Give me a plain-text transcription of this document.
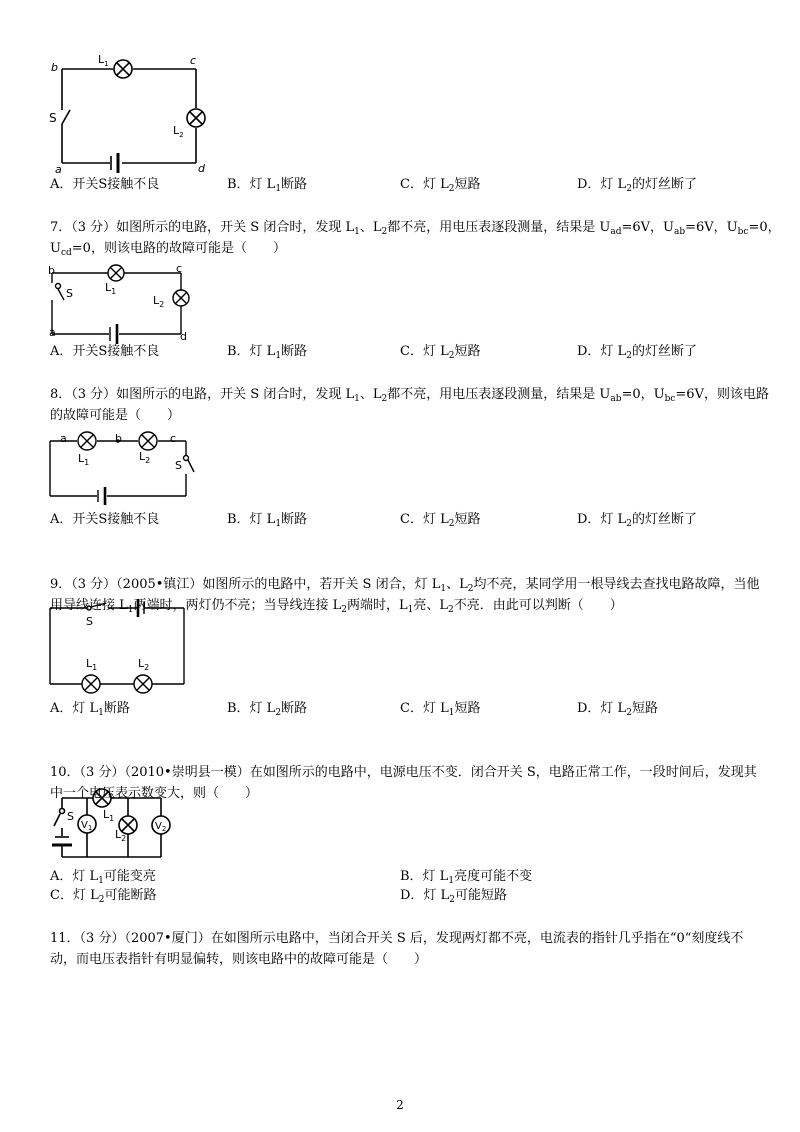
b
c
a	d
S
$L_1$
$L_2$
A．开关S接触不良	B．灯 $L_1$断路	C．灯 $L_2$短路	D．灯 $L_2$的灯丝断了
7．（3 分）如图所示的电路，开关 S 闭合时，发现 $L_1$、$L_2$都不亮，用电压表逐段测量，结果是 $U_{ad}=6V$，$U_{ab}=6V$，$U_{bc}=0$，
$U_{cd}=0$，则该电路的故障可能是（　　）
b	c
a	d
S	$L_1$
$L_2$
A．开关S接触不良	B．灯 $L_1$断路	C．灯 $L_2$短路	D．灯 $L_2$的灯丝断了
8．（3 分）如图所示的电路，开关 S 闭合时，发现 $L_1$、$L_2$都不亮，用电压表逐段测量，结果是 $U_{ab}=0$，$U_{bc}=6V$，则该电路
的故障可能是（　　）
a	b	c
S
$L_1$	$L_2$
A．开关S接触不良	B．灯 $L_1$断路	C．灯 $L_2$短路	D．灯 $L_2$的灯丝断了
9．（3 分）（2005•镇江）如图所示的电路中，若开关 S 闭合，灯 $L_1$、$L_2$均不亮，某同学用一根导线去查找电路故障，当他
用导线连接 $L_1$两端时，两灯仍不亮；当导线连接 $L_2$两端时，$L_1$亮、$L_2$不亮．由此可以判断（　　）
S
$L_1$	$L_2$
A．灯 $L_1$断路	B．灯 $L_2$断路	C．灯 $L_1$短路	D．灯 $L_2$短路
10．（3 分）（2010•崇明县一模）在如图所示的电路中，电源电压不变．闭合开关 S，电路正常工作，一段时间后，发现其
中一个电压表示数变大，则（　　）
S	$L_1$
$L_2$
$V_1$	$V_2$
A．灯 $L_1$可能变亮	B．灯 $L_1$亮度可能不变
C．灯 $L_2$可能断路	D．灯 $L_2$可能短路
11．（3 分）（2007•厦门）在如图所示电路中，当闭合开关 S 后，发现两灯都不亮，电流表的指针几乎指在“0“刻度线不
动，而电压表指针有明显偏转，则该电路中的故障可能是（　　）
2
